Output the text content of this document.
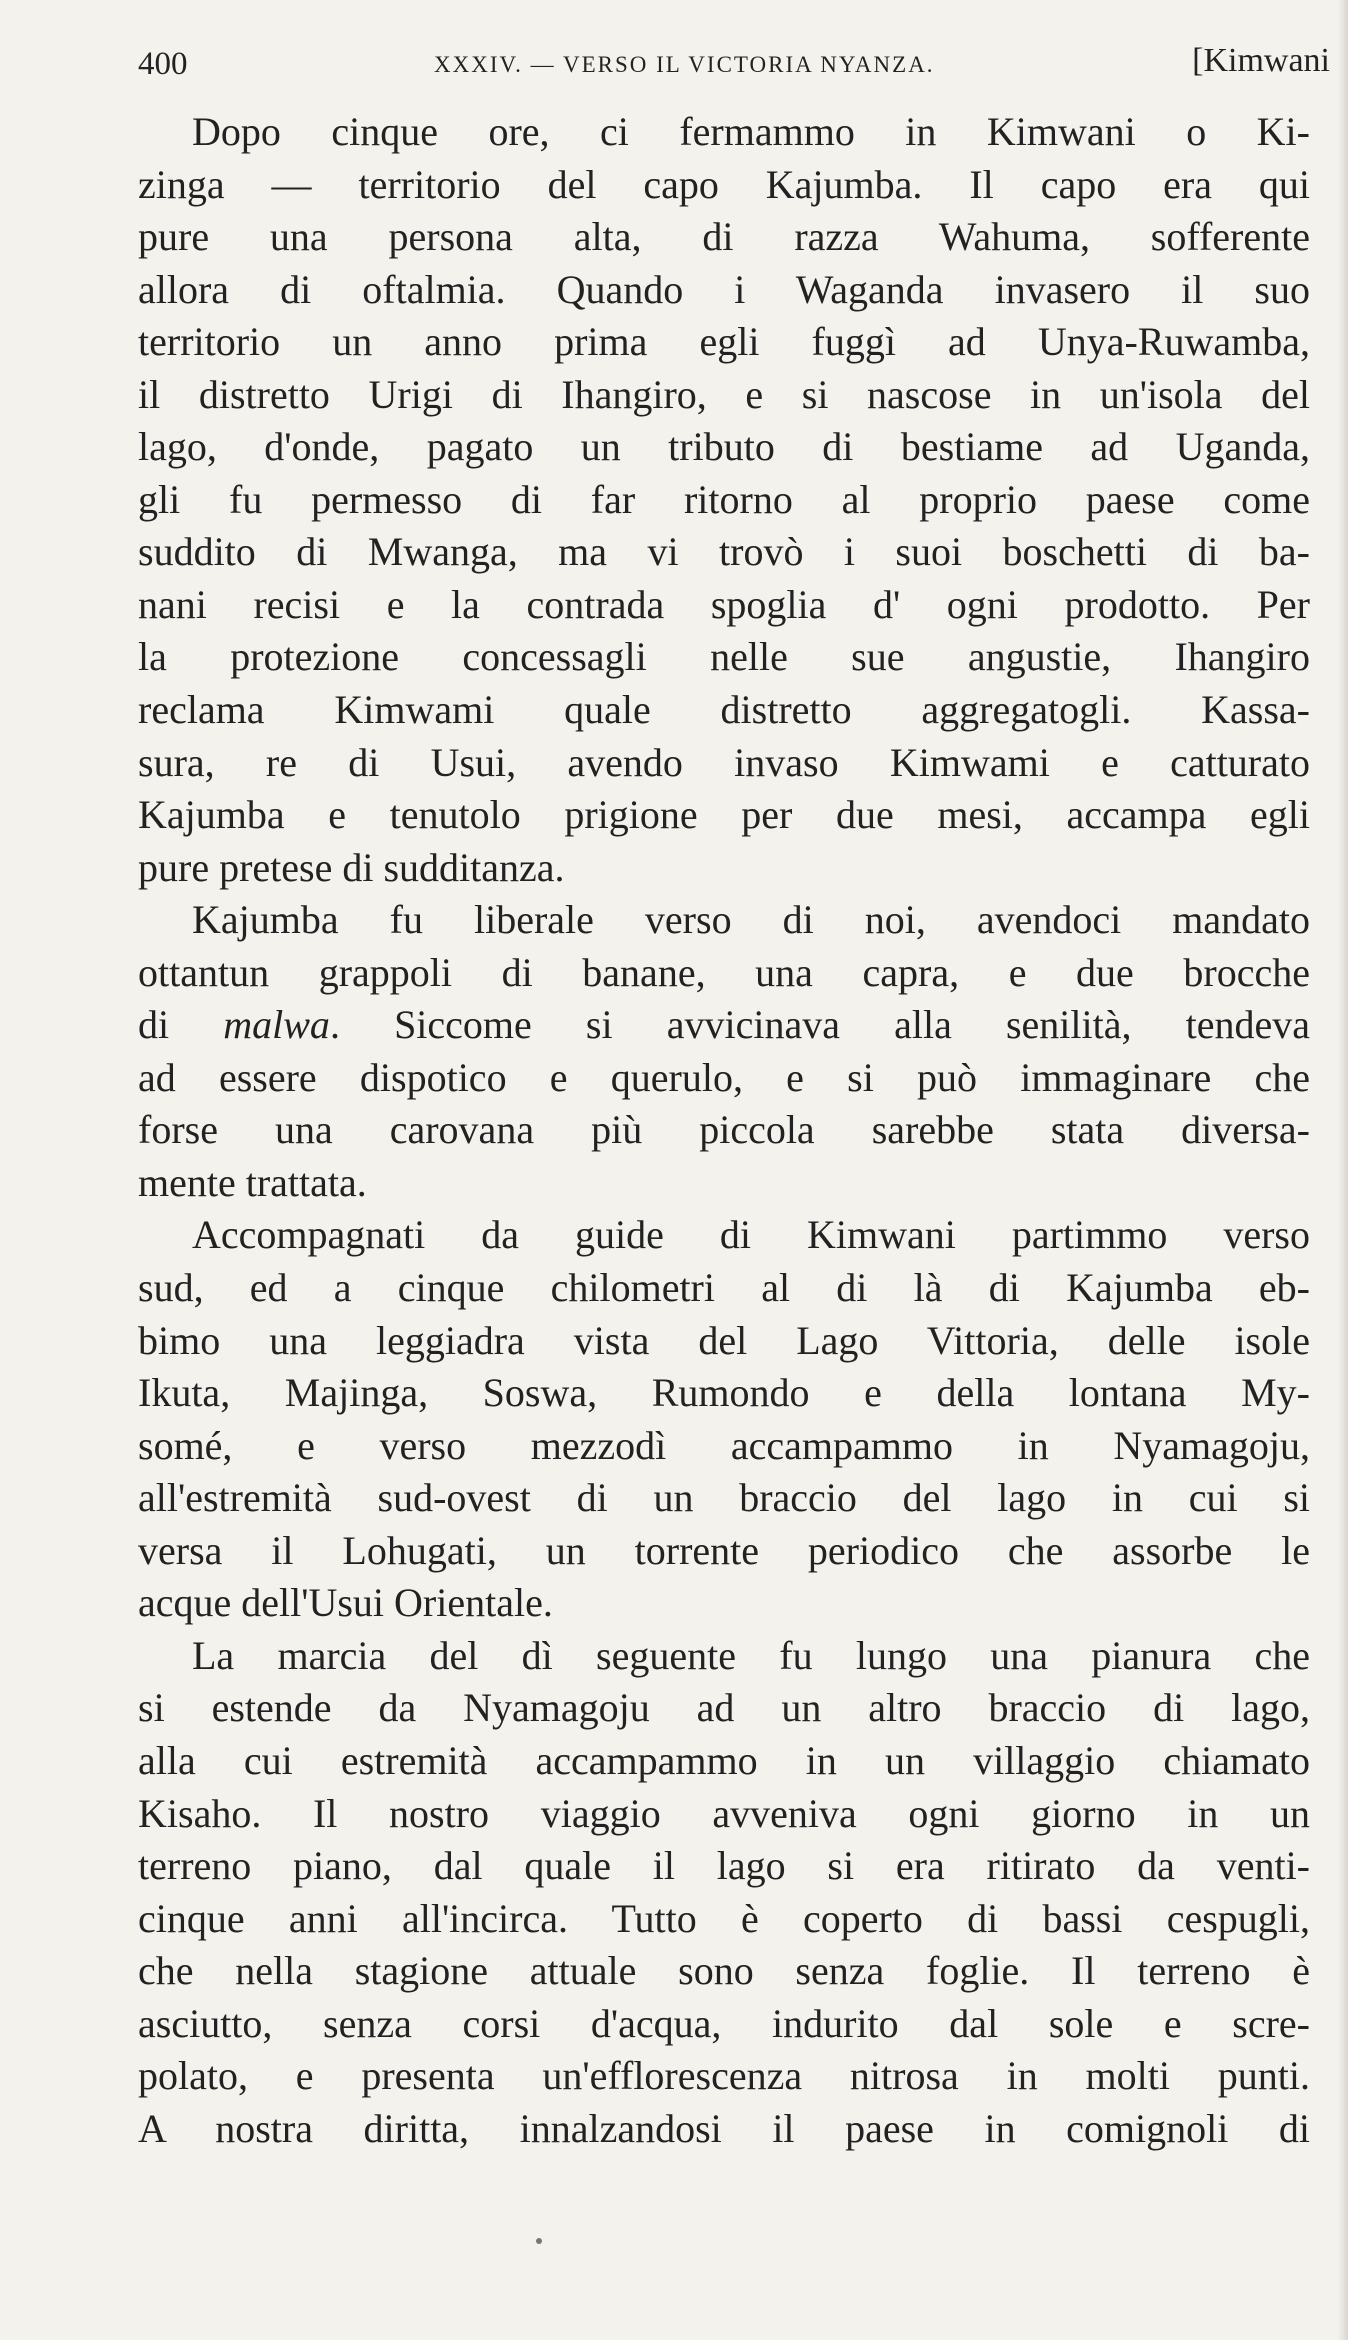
400	XXXIV. — VERSO IL VICTORIA NYANZA.	[Kimwani
Dopo cinque ore, ci fermammo in Kimwani o Ki-
zinga — territorio del capo Kajumba. Il capo era qui
pure una persona alta, di razza Wahuma, sofferente
allora di oftalmia. Quando i Waganda invasero il suo
territorio un anno prima egli fuggì ad Unya-Ruwamba,
il distretto Urigi di Ihangiro, e si nascose in un'isola del
lago, d'onde, pagato un tributo di bestiame ad Uganda,
gli fu permesso di far ritorno al proprio paese come
suddito di Mwanga, ma vi trovò i suoi boschetti di ba-
nani recisi e la contrada spoglia d' ogni prodotto. Per
la protezione concessagli nelle sue angustie, Ihangiro
reclama Kimwami quale distretto aggregatogli. Kassa-
sura, re di Usui, avendo invaso Kimwami e catturato
Kajumba e tenutolo prigione per due mesi, accampa egli
pure pretese di sudditanza.
Kajumba fu liberale verso di noi, avendoci mandato
ottantun grappoli di banane, una capra, e due brocche
di malwa. Siccome si avvicinava alla senilità, tendeva
ad essere dispotico e querulo, e si può immaginare che
forse una carovana più piccola sarebbe stata diversa-
mente trattata.
Accompagnati da guide di Kimwani partimmo verso
sud, ed a cinque chilometri al di là di Kajumba eb-
bimo una leggiadra vista del Lago Vittoria, delle isole
Ikuta, Majinga, Soswa, Rumondo e della lontana My-
somé, e verso mezzodì accampammo in Nyamagoju,
all'estremità sud-ovest di un braccio del lago in cui si
versa il Lohugati, un torrente periodico che assorbe le
acque dell'Usui Orientale.
La marcia del dì seguente fu lungo una pianura che
si estende da Nyamagoju ad un altro braccio di lago,
alla cui estremità accampammo in un villaggio chiamato
Kisaho. Il nostro viaggio avveniva ogni giorno in un
terreno piano, dal quale il lago si era ritirato da venti-
cinque anni all'incirca. Tutto è coperto di bassi cespugli,
che nella stagione attuale sono senza foglie. Il terreno è
asciutto, senza corsi d'acqua, indurito dal sole e scre-
polato, e presenta un'efflorescenza nitrosa in molti punti.
A nostra diritta, innalzandosi il paese in comignoli di
